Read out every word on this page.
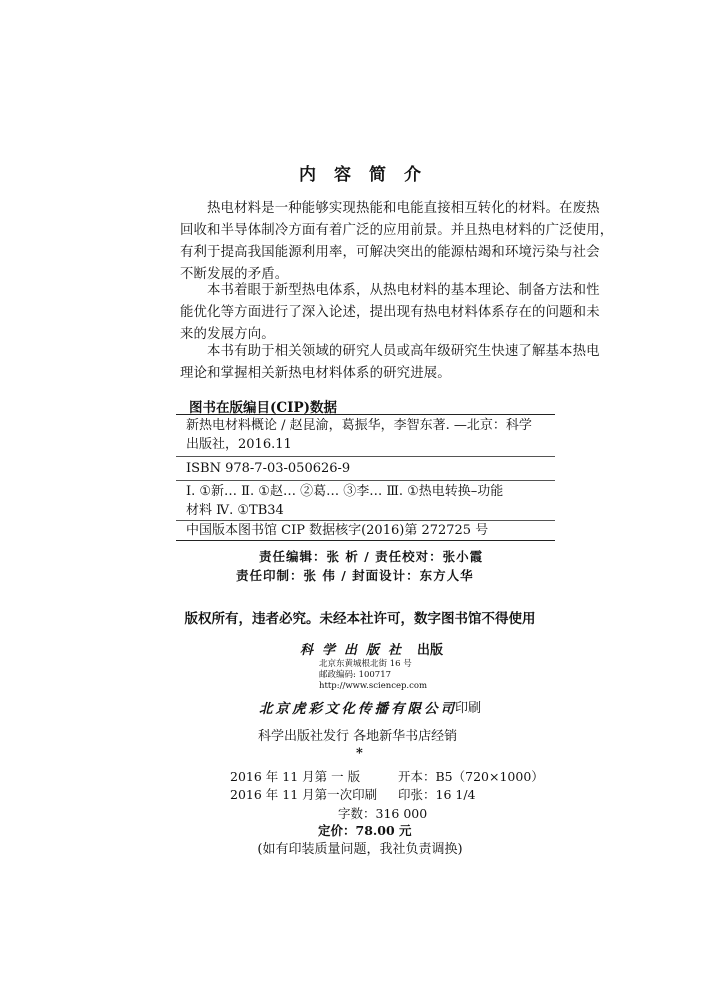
内容简介
热电材料是一种能够实现热能和电能直接相互转化的材料。在废热
回收和半导体制冷方面有着广泛的应用前景。并且热电材料的广泛使用，
有利于提高我国能源利用率，可解决突出的能源枯竭和环境污染与社会
不断发展的矛盾。
本书着眼于新型热电体系，从热电材料的基本理论、制备方法和性
能优化等方面进行了深入论述，提出现有热电材料体系存在的问题和未
来的发展方向。
本书有助于相关领域的研究人员或高年级研究生快速了解基本热电
理论和掌握相关新热电材料体系的研究进展。
图书在版编目(CIP)数据
新热电材料概论 / 赵昆渝，葛振华，李智东著. —北京：科学
出版社，2016.11
ISBN 978-7-03-050626-9
Ⅰ. ①新… Ⅱ. ①赵… ②葛… ③李… Ⅲ. ①热电转换–功能
材料 Ⅳ. ①TB34
中国版本图书馆 CIP 数据核字(2016)第 272725 号
责任编辑：张 析 / 责任校对：张小霞
责任印制：张 伟 / 封面设计：东方人华
版权所有，违者必究。未经本社许可，数字图书馆不得使用
科学出版社 出版
北京东黄城根北街 16 号
邮政编码: 100717
http://www.sciencep.com
北京虎彩文化传播有限公司
印刷
科学出版社发行 各地新华书店经销
*
2016 年 11 月第 一 版	开本：B5（720×1000）
2016 年 11 月第一次印刷 印张：16 1/4
字数：316 000
定价：78.00 元
(如有印装质量问题，我社负责调换)
